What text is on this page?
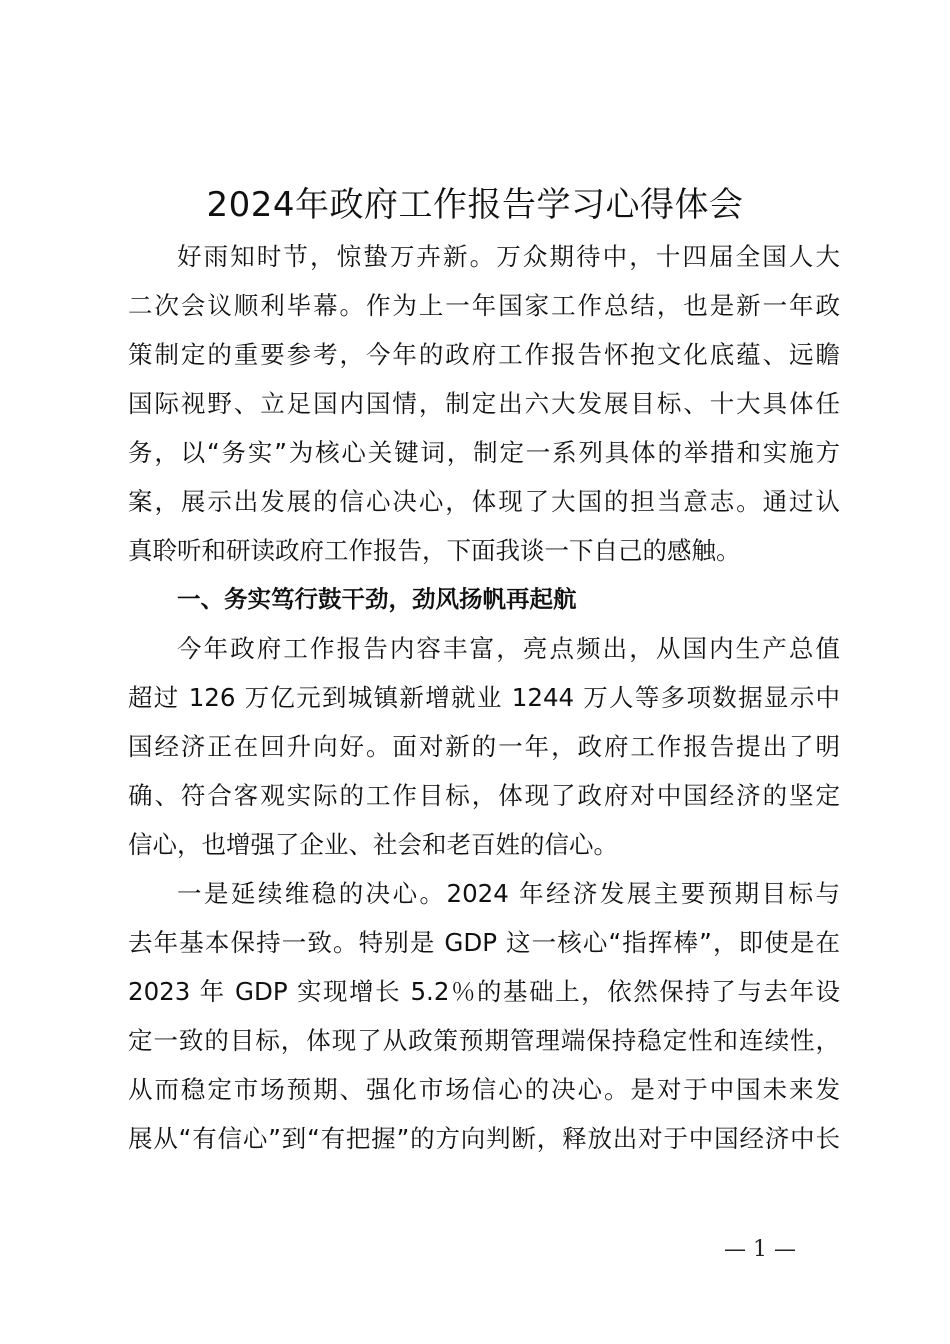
2024年政府工作报告学习心得体会
好雨知时节，惊蛰万卉新。万众期待中，十四届全国人大
二次会议顺利毕幕。作为上一年国家工作总结，也是新一年政
策制定的重要参考，今年的政府工作报告怀抱文化底蕴、远瞻
国际视野、立足国内国情，制定出六大发展目标、十大具体任
务，以“务实”为核心关键词，制定一系列具体的举措和实施方
案，展示出发展的信心决心，体现了大国的担当意志。通过认
真聆听和研读政府工作报告，下面我谈一下自己的感触。
一、务实笃行鼓干劲，劲风扬帆再起航
今年政府工作报告内容丰富，亮点频出，从国内生产总值
超过 126 万亿元到城镇新增就业 1244 万人等多项数据显示中
国经济正在回升向好。面对新的一年，政府工作报告提出了明
确、符合客观实际的工作目标，体现了政府对中国经济的坚定
信心，也增强了企业、社会和老百姓的信心。
一是延续维稳的决心。2024 年经济发展主要预期目标与
去年基本保持一致。特别是 GDP 这一核心“指挥棒”，即使是在
2023 年 GDP 实现增长 5.2％的基础上，依然保持了与去年设
定一致的目标，体现了从政策预期管理端保持稳定性和连续性，
从而稳定市场预期、强化市场信心的决心。是对于中国未来发
展从“有信心”到“有把握”的方向判断，释放出对于中国经济中长
— 1 —
